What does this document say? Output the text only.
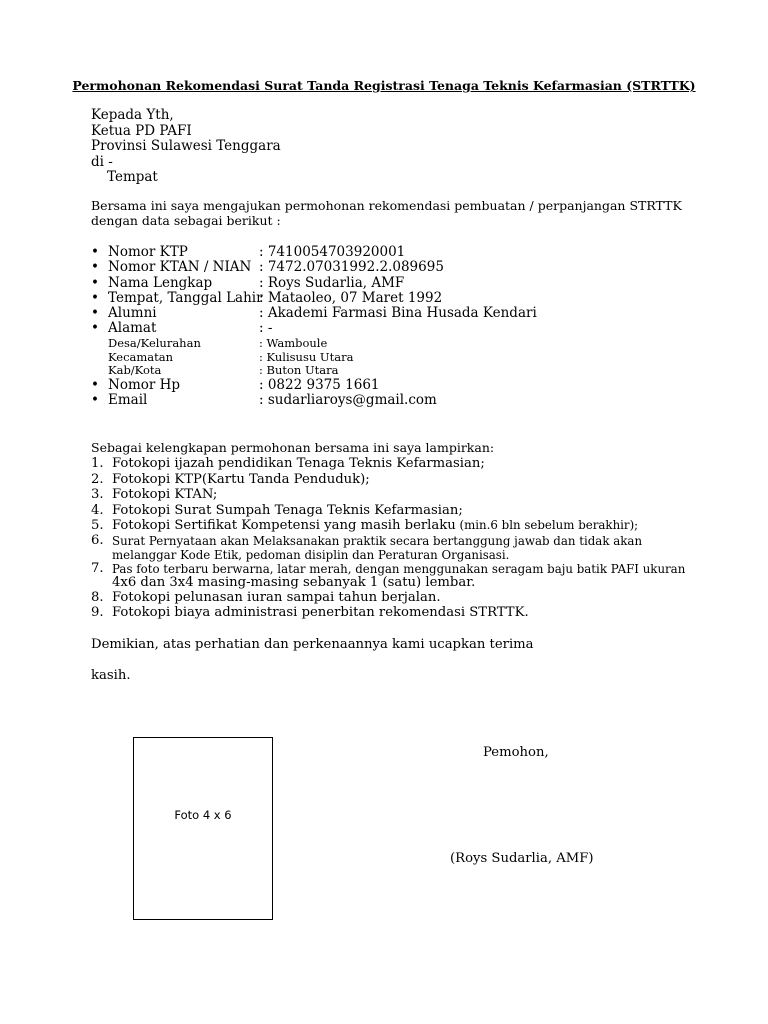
Permohonan Rekomendasi Surat Tanda Registrasi Tenaga Teknis Kefarmasian (STRTTK)
Kepada Yth,
Ketua PD PAFI
Provinsi Sulawesi Tenggara
di -
Tempat
Bersama ini saya mengajukan permohonan rekomendasi pembuatan / perpanjangan STRTTK
dengan data sebagai berikut :
• Nomor KTP	: 7410054703920001
• Nomor KTAN / NIAN : 7472.07031992.2.089695
• Nama Lengkap	: Roys Sudarlia, AMF
• Tempat, Tanggal Lahir
: Mataoleo, 07 Maret 1992
• Alumni	: Akademi Farmasi Bina Husada Kendari
• Alamat	: -
Desa/Kelurahan	: Wamboule
Kecamatan	: Kulisusu Utara
Kab/Kota	: Buton Utara
• Nomor Hp	: 0822 9375 1661
• Email	: sudarliaroys@gmail.com
Sebagai kelengkapan permohonan bersama ini saya lampirkan:
1. Fotokopi ijazah pendidikan Tenaga Teknis Kefarmasian;
2. Fotokopi KTP(Kartu Tanda Penduduk);
3. Fotokopi KTAN;
4. Fotokopi Surat Sumpah Tenaga Teknis Kefarmasian;
5. Fotokopi Sertifikat Kompetensi yang masih berlaku (min.6 bln sebelum berakhir);
6. Surat Pernyataan akan Melaksanakan praktik secara bertanggung jawab dan tidak akan
melanggar Kode Etik, pedoman disiplin dan Peraturan Organisasi.
7. Pas foto terbaru berwarna, latar merah, dengan menggunakan seragam baju batik PAFI ukuran
4x6 dan 3x4 masing-masing sebanyak 1 (satu) lembar.
8. Fotokopi pelunasan iuran sampai tahun berjalan.
9. Fotokopi biaya administrasi penerbitan rekomendasi STRTTK.
Demikian, atas perhatian dan perkenaannya kami ucapkan terima
kasih.
Foto 4 x 6
Pemohon,
(Roys Sudarlia, AMF)
